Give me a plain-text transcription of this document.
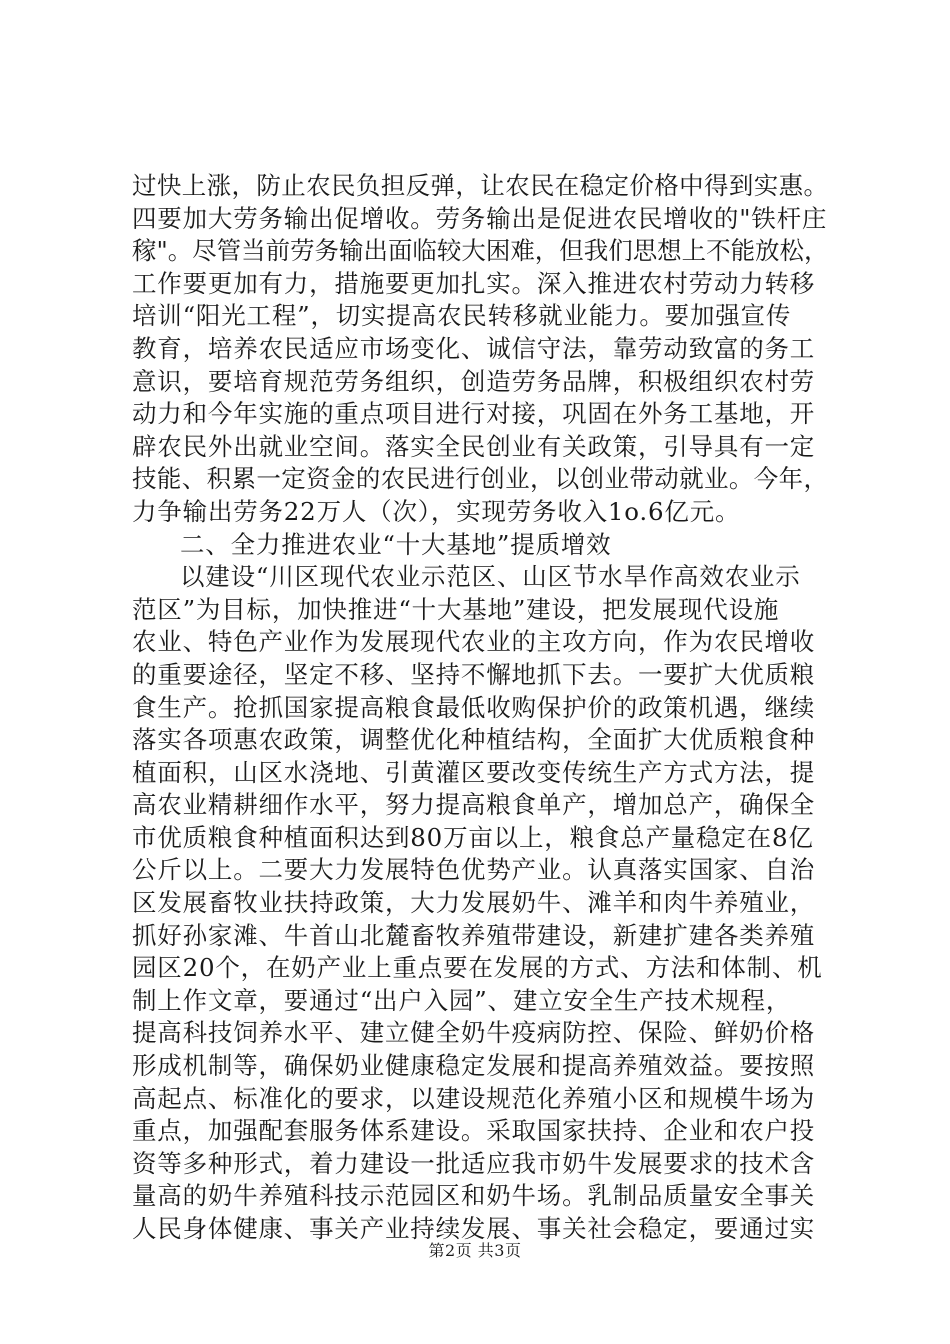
过快上涨，防止农民负担反弹，让农民在稳定价格中得到实惠。
四要加大劳务输出促增收。劳务输出是促进农民增收的"铁杆庄
稼"。尽管当前劳务输出面临较大困难，但我们思想上不能放松，
工作要更加有力，措施要更加扎实。深入推进农村劳动力转移
培训“阳光工程”，切实提高农民转移就业能力。要加强宣传
教育，培养农民适应市场变化、诚信守法，靠劳动致富的务工
意识，要培育规范劳务组织，创造劳务品牌，积极组织农村劳
动力和今年实施的重点项目进行对接，巩固在外务工基地，开
辟农民外出就业空间。落实全民创业有关政策，引导具有一定
技能、积累一定资金的农民进行创业，以创业带动就业。今年，
力争输出劳务22万人（次），实现劳务收入1o.6亿元。
二、全力推进农业“十大基地”提质增效
以建设“川区现代农业示范区、山区节水旱作高效农业示
范区”为目标，加快推进“十大基地”建设，把发展现代设施
农业、特色产业作为发展现代农业的主攻方向，作为农民增收
的重要途径，坚定不移、坚持不懈地抓下去。一要扩大优质粮
食生产。抢抓国家提高粮食最低收购保护价的政策机遇，继续
落实各项惠农政策，调整优化种植结构，全面扩大优质粮食种
植面积，山区水浇地、引黄灌区要改变传统生产方式方法，提
高农业精耕细作水平，努力提高粮食单产，增加总产，确保全
市优质粮食种植面积达到80万亩以上，粮食总产量稳定在8亿
公斤以上。二要大力发展特色优势产业。认真落实国家、自治
区发展畜牧业扶持政策，大力发展奶牛、滩羊和肉牛养殖业，
抓好孙家滩、牛首山北麓畜牧养殖带建设，新建扩建各类养殖
园区20个，在奶产业上重点要在发展的方式、方法和体制、机
制上作文章，要通过“出户入园”、建立安全生产技术规程，
提高科技饲养水平、建立健全奶牛疫病防控、保险、鲜奶价格
形成机制等，确保奶业健康稳定发展和提高养殖效益。要按照
高起点、标准化的要求，以建设规范化养殖小区和规模牛场为
重点，加强配套服务体系建设。采取国家扶持、企业和农户投
资等多种形式，着力建设一批适应我市奶牛发展要求的技术含
量高的奶牛养殖科技示范园区和奶牛场。乳制品质量安全事关
人民身体健康、事关产业持续发展、事关社会稳定，要通过实
第2页 共3页
